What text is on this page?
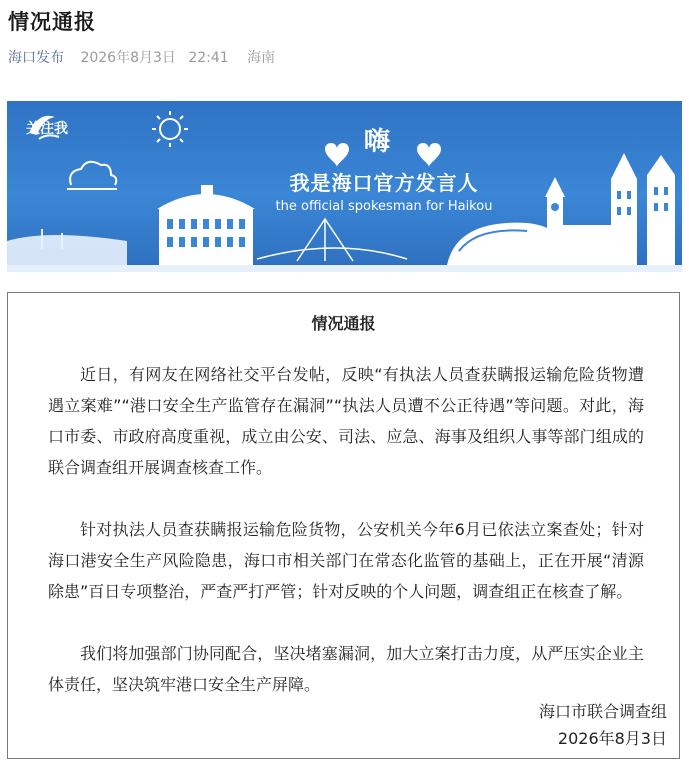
情况通报
海口发布 2026年8月3日 22:41 海南
关注我	嗨
我是海口官方发言人
the official spokesman for Haikou
情况通报

近日，有网友在网络社交平台发帖，反映“有执法人员查获瞒报运输危险货物遭遇立案难”“港口安全生产监管存在漏洞”“执法人员遭不公正待遇”等问题。对此，海口市委、市政府高度重视，成立由公安、司法、应急、海事及组织人事等部门组成的联合调查组开展调查核查工作。

针对执法人员查获瞒报运输危险货物，公安机关今年6月已依法立案查处；针对海口港安全生产风险隐患，海口市相关部门在常态化监管的基础上，正在开展“清源除患”百日专项整治，严查严打严管；针对反映的个人问题，调查组正在核查了解。

我们将加强部门协同配合，坚决堵塞漏洞，加大立案打击力度，从严压实企业主体责任，坚决筑牢港口安全生产屏障。

海口市联合调查组
2026年8月3日
